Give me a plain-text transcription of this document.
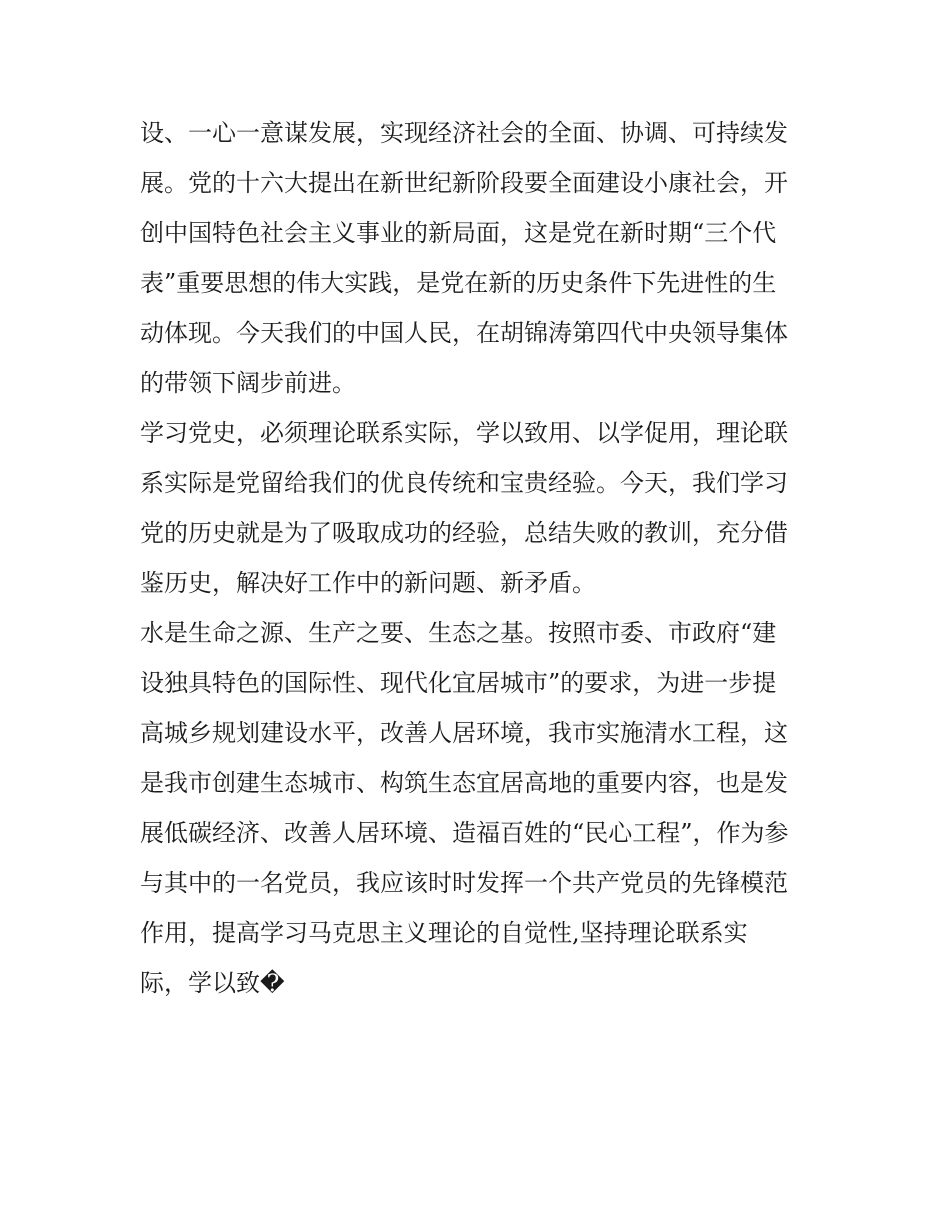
设、一心一意谋发展，实现经济社会的全面、协调、可持续发
展。党的十六大提出在新世纪新阶段要全面建设小康社会，开
创中国特色社会主义事业的新局面，这是党在新时期“三个代
表”重要思想的伟大实践，是党在新的历史条件下先进性的生
动体现。今天我们的中国人民，在胡锦涛第四代中央领导集体
的带领下阔步前进。
学习党史，必须理论联系实际，学以致用、以学促用，理论联
系实际是党留给我们的优良传统和宝贵经验。今天，我们学习
党的历史就是为了吸取成功的经验，总结失败的教训，充分借
鉴历史，解决好工作中的新问题、新矛盾。
水是生命之源、生产之要、生态之基。按照市委、市政府“建
设独具特色的国际性、现代化宜居城市”的要求，为进一步提
高城乡规划建设水平，改善人居环境，我市实施清水工程，这
是我市创建生态城市、构筑生态宜居高地的重要内容，也是发
展低碳经济、改善人居环境、造福百姓的“民心工程”，作为参
与其中的一名党员，我应该时时发挥一个共产党员的先锋模范
作用，提高学习马克思主义理论的自觉性,坚持理论联系实
际，学以致�
